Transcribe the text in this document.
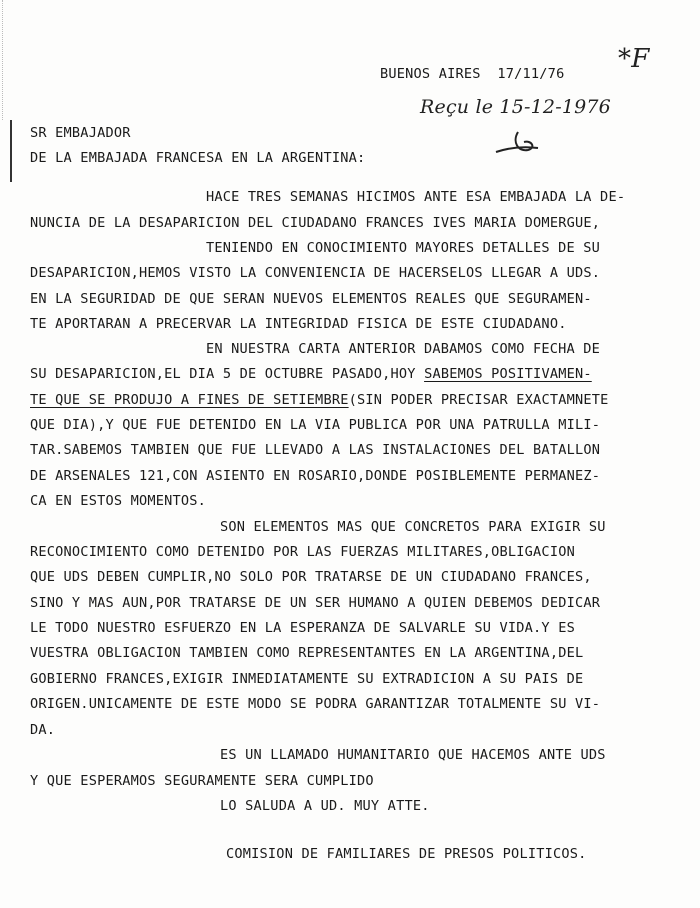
BUENOS AIRES  17/11/76 *F
Reçu le 15-12-1976
SR EMBAJADOR
DE LA EMBAJADA FRANCESA EN LA ARGENTINA:
HACE TRES SEMANAS HICIMOS ANTE ESA EMBAJADA LA DE-
NUNCIA DE LA DESAPARICION DEL CIUDADANO FRANCES IVES MARIA DOMERGUE,
TENIENDO EN CONOCIMIENTO MAYORES DETALLES DE SU
DESAPARICION,HEMOS VISTO LA CONVENIENCIA DE HACERSELOS LLEGAR A UDS.
EN LA SEGURIDAD DE QUE SERAN NUEVOS ELEMENTOS REALES QUE SEGURAMEN-
TE APORTARAN A PRECERVAR LA INTEGRIDAD FISICA DE ESTE CIUDADANO.
EN NUESTRA CARTA ANTERIOR DABAMOS COMO FECHA DE
SU DESAPARICION,EL DIA 5 DE OCTUBRE PASADO,HOY SABEMOS POSITIVAMEN-
TE QUE SE PRODUJO A FINES DE SETIEMBRE(SIN PODER PRECISAR EXACTAMNETE
QUE DIA),Y QUE FUE DETENIDO EN LA VIA PUBLICA POR UNA PATRULLA MILI-
TAR.SABEMOS TAMBIEN QUE FUE LLEVADO A LAS INSTALACIONES DEL BATALLON
DE ARSENALES 121,CON ASIENTO EN ROSARIO,DONDE POSIBLEMENTE PERMANEZ-
CA EN ESTOS MOMENTOS.
SON ELEMENTOS MAS QUE CONCRETOS PARA EXIGIR SU
RECONOCIMIENTO COMO DETENIDO POR LAS FUERZAS MILITARES,OBLIGACION
QUE UDS DEBEN CUMPLIR,NO SOLO POR TRATARSE DE UN CIUDADANO FRANCES,
SINO Y MAS AUN,POR TRATARSE DE UN SER HUMANO A QUIEN DEBEMOS DEDICAR
LE TODO NUESTRO ESFUERZO EN LA ESPERANZA DE SALVARLE SU VIDA.Y ES
VUESTRA OBLIGACION TAMBIEN COMO REPRESENTANTES EN LA ARGENTINA,DEL
GOBIERNO FRANCES,EXIGIR INMEDIATAMENTE SU EXTRADICION A SU PAIS DE
ORIGEN.UNICAMENTE DE ESTE MODO SE PODRA GARANTIZAR TOTALMENTE SU VI-
DA.
ES UN LLAMADO HUMANITARIO QUE HACEMOS ANTE UDS
Y QUE ESPERAMOS SEGURAMENTE SERA CUMPLIDO
LO SALUDA A UD. MUY ATTE.
COMISION DE FAMILIARES DE PRESOS POLITICOS.
